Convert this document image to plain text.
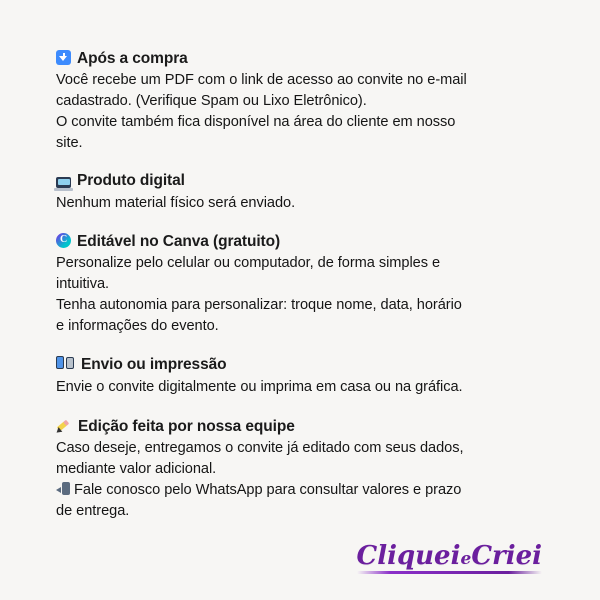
Após a compra
Você recebe um PDF com o link de acesso ao convite no e-mail
cadastrado. (Verifique Spam ou Lixo Eletrônico).
O convite também fica disponível na área do cliente em nosso
site.
Produto digital
Nenhum material físico será enviado.
C
Editável no Canva (gratuito)
Personalize pelo celular ou computador, de forma simples e
intuitiva.
Tenha autonomia para personalizar: troque nome, data, horário
e informações do evento.
Envio ou impressão
Envie o convite digitalmente ou imprima em casa ou na gráfica.
Edição feita por nossa equipe
Caso deseje, entregamos o convite já editado com seus dados,
mediante valor adicional.
Fale conosco pelo WhatsApp para consultar valores e prazo
de entrega.
CliqueieCriei
